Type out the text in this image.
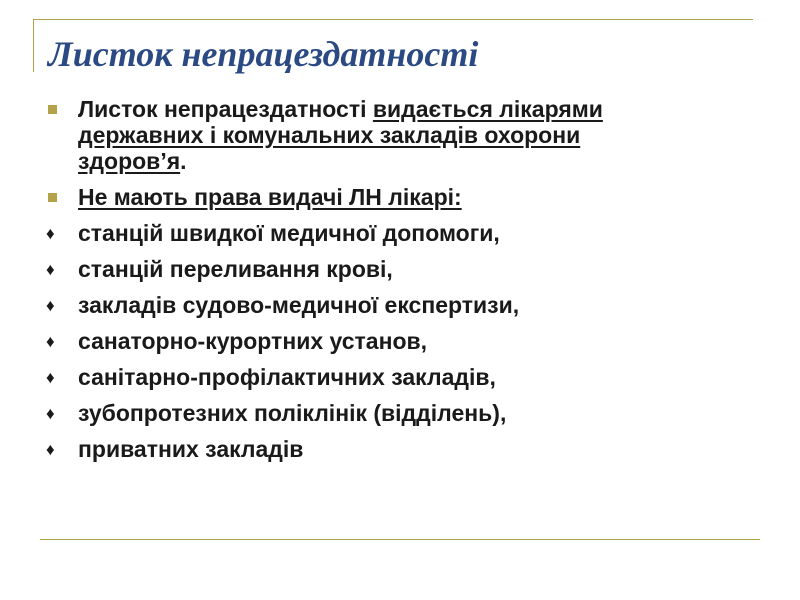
Листок непрацездатності
Листок непрацездатності видається лікарями державних і комунальних закладів охорони здоров’я.
Не мають права видачі ЛН лікарі:
♦ станцій швидкої медичної допомоги,
♦ станцій переливання крові,
♦ закладів судово-медичної експертизи,
♦ санаторно-курортних установ,
♦ санітарно-профілактичних закладів,
♦ зубопротезних поліклінік (відділень),
♦ приватних закладів
